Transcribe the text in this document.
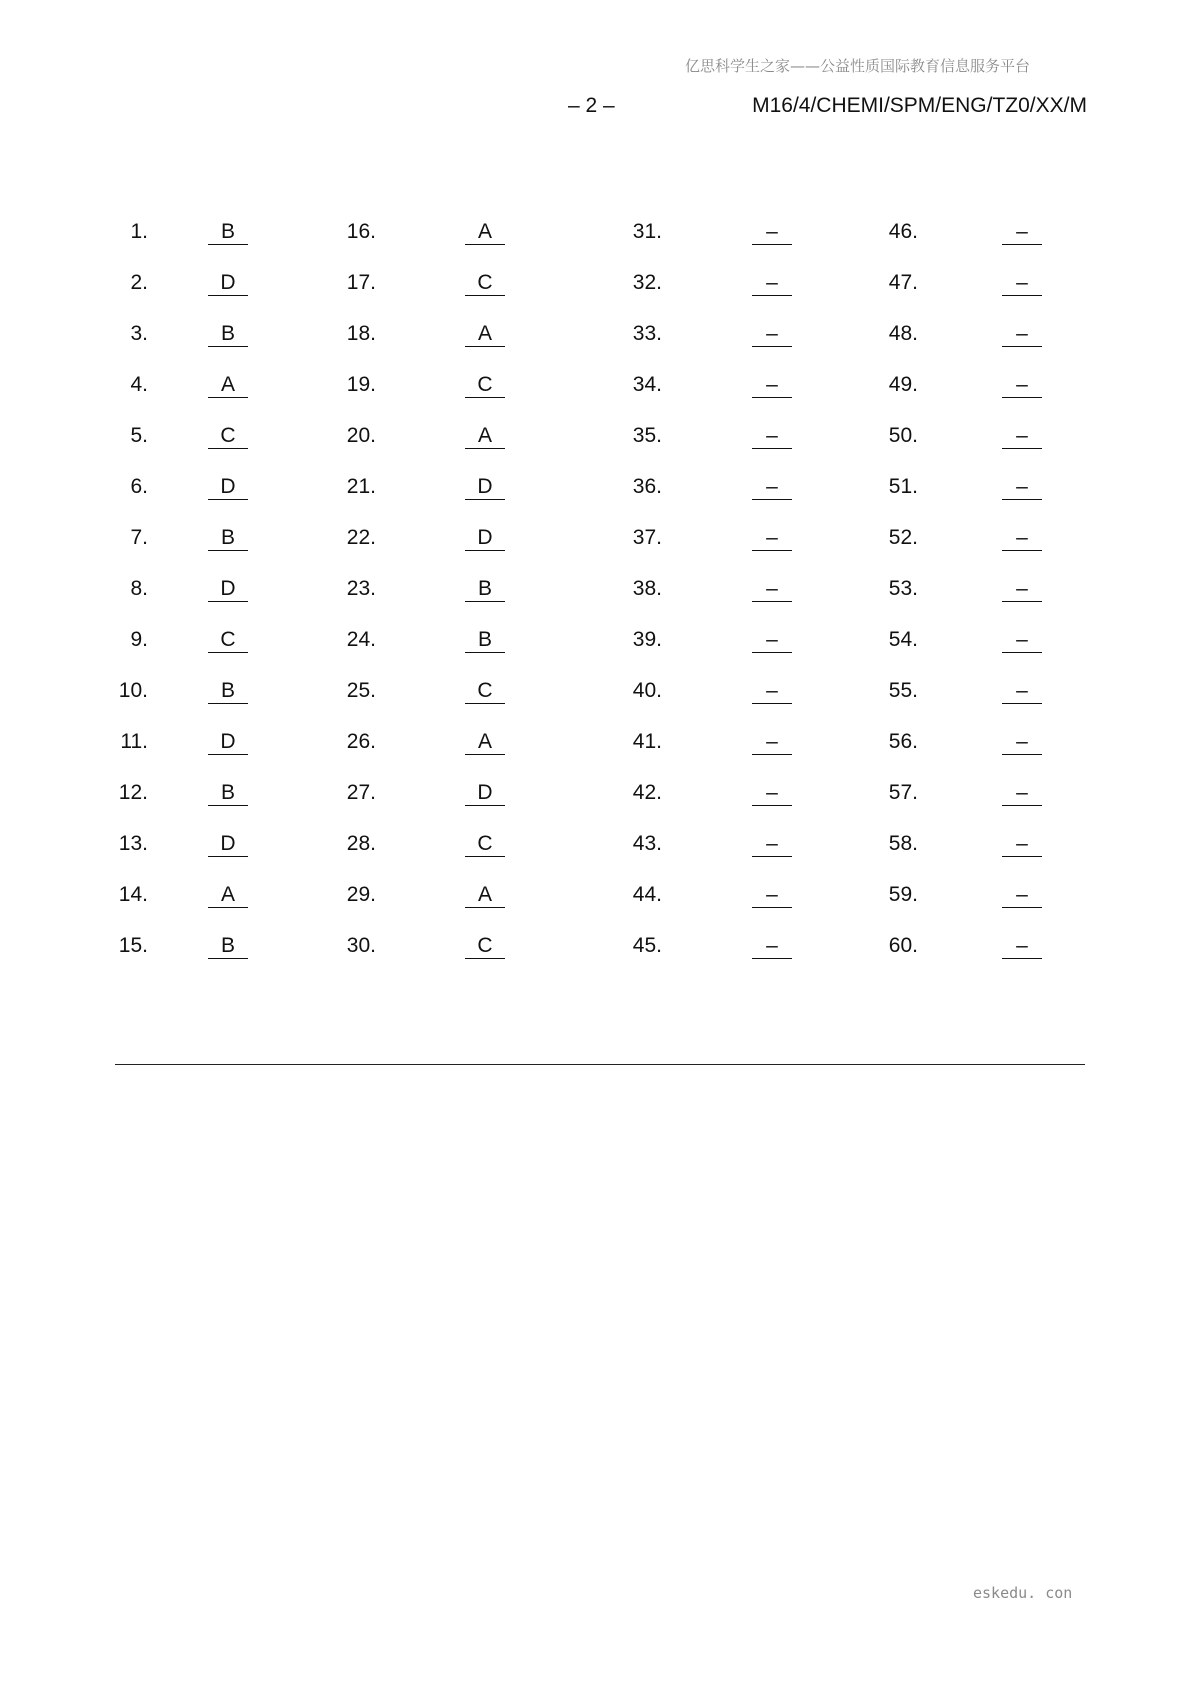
亿思科学生之家——公益性质国际教育信息服务平台
– 2 –	M16/4/CHEMI/SPM/ENG/TZ0/XX/M
1.	B	16.	A	31.	–	46.	–
2.	D	17.	C	32.	–	47.	–
3.	B	18.	A	33.	–	48.	–
4.	A	19.	C	34.	–	49.	–
5.	C	20.	A	35.	–	50.	–
6.	D	21.	D	36.	–	51.	–
7.	B	22.	D	37.	–	52.	–
8.	D	23.	B	38.	–	53.	–
9.	C	24.	B	39.	–	54.	–
10.	B	25.	C	40.	–	55.	–
11.	D	26.	A	41.	–	56.	–
12.	B	27.	D	42.	–	57.	–
13.	D	28.	C	43.	–	58.	–
14.	A	29.	A	44.	–	59.	–
15.	B	30.	C	45.	–	60.	–
eskedu. con
